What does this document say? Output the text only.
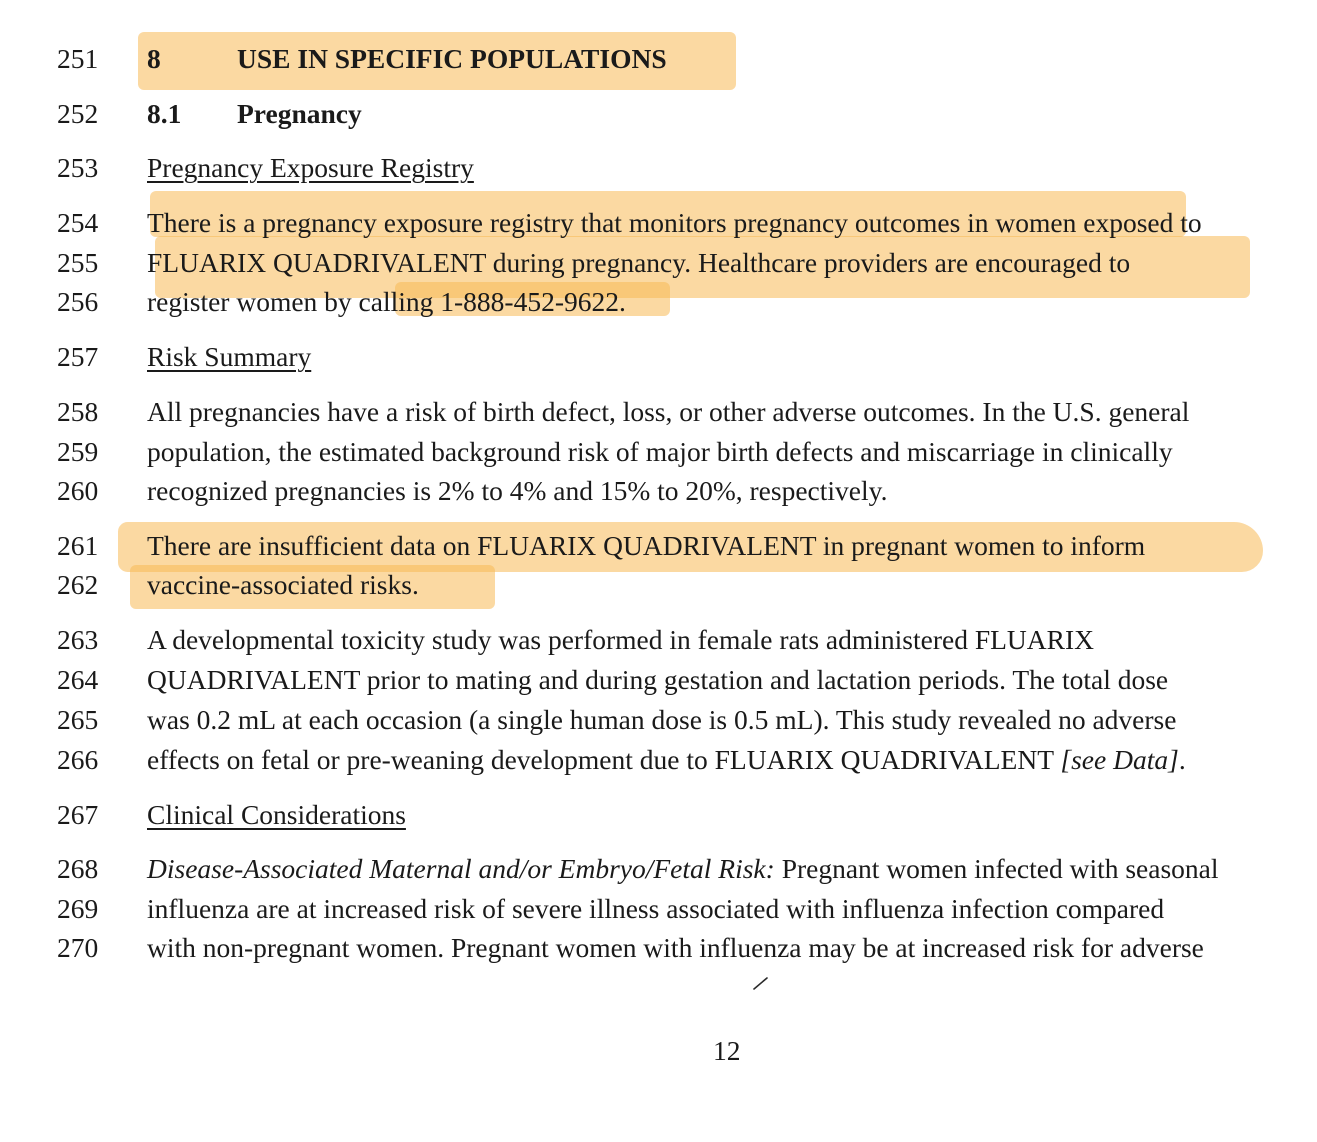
251 8	USE IN SPECIFIC POPULATIONS
252 8.1 Pregnancy
253 Pregnancy Exposure Registry
254 There is a pregnancy exposure registry that monitors pregnancy outcomes in women exposed to
255 FLUARIX QUADRIVALENT during pregnancy. Healthcare providers are encouraged to
256 register women by calling 1-888-452-9622.
257 Risk Summary
258 All pregnancies have a risk of birth defect, loss, or other adverse outcomes. In the U.S. general
259 population, the estimated background risk of major birth defects and miscarriage in clinically
260 recognized pregnancies is 2% to 4% and 15% to 20%, respectively.
261 There are insufficient data on FLUARIX QUADRIVALENT in pregnant women to inform
262 vaccine-associated risks.
263 A developmental toxicity study was performed in female rats administered FLUARIX
264 QUADRIVALENT prior to mating and during gestation and lactation periods. The total dose
265 was 0.2 mL at each occasion (a single human dose is 0.5 mL). This study revealed no adverse
266 effects on fetal or pre-weaning development due to FLUARIX QUADRIVALENT [see Data].
267 Clinical Considerations
268 Disease-Associated Maternal and/or Embryo/Fetal Risk: Pregnant women infected with seasonal
269 influenza are at increased risk of severe illness associated with influenza infection compared
270 with non-pregnant women. Pregnant women with influenza may be at increased risk for adverse
12
